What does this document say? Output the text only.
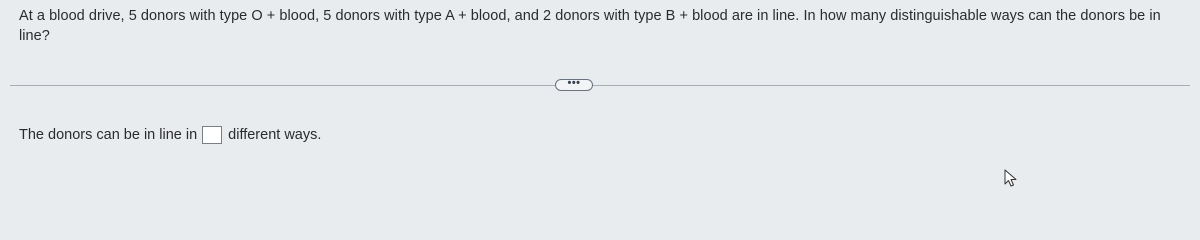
At a blood drive, 5 donors with type O + blood, 5 donors with type A + blood, and 2 donors with type B + blood are in line. In how many distinguishable ways can the donors be in line?
•••
The donors can be in line in different ways.
